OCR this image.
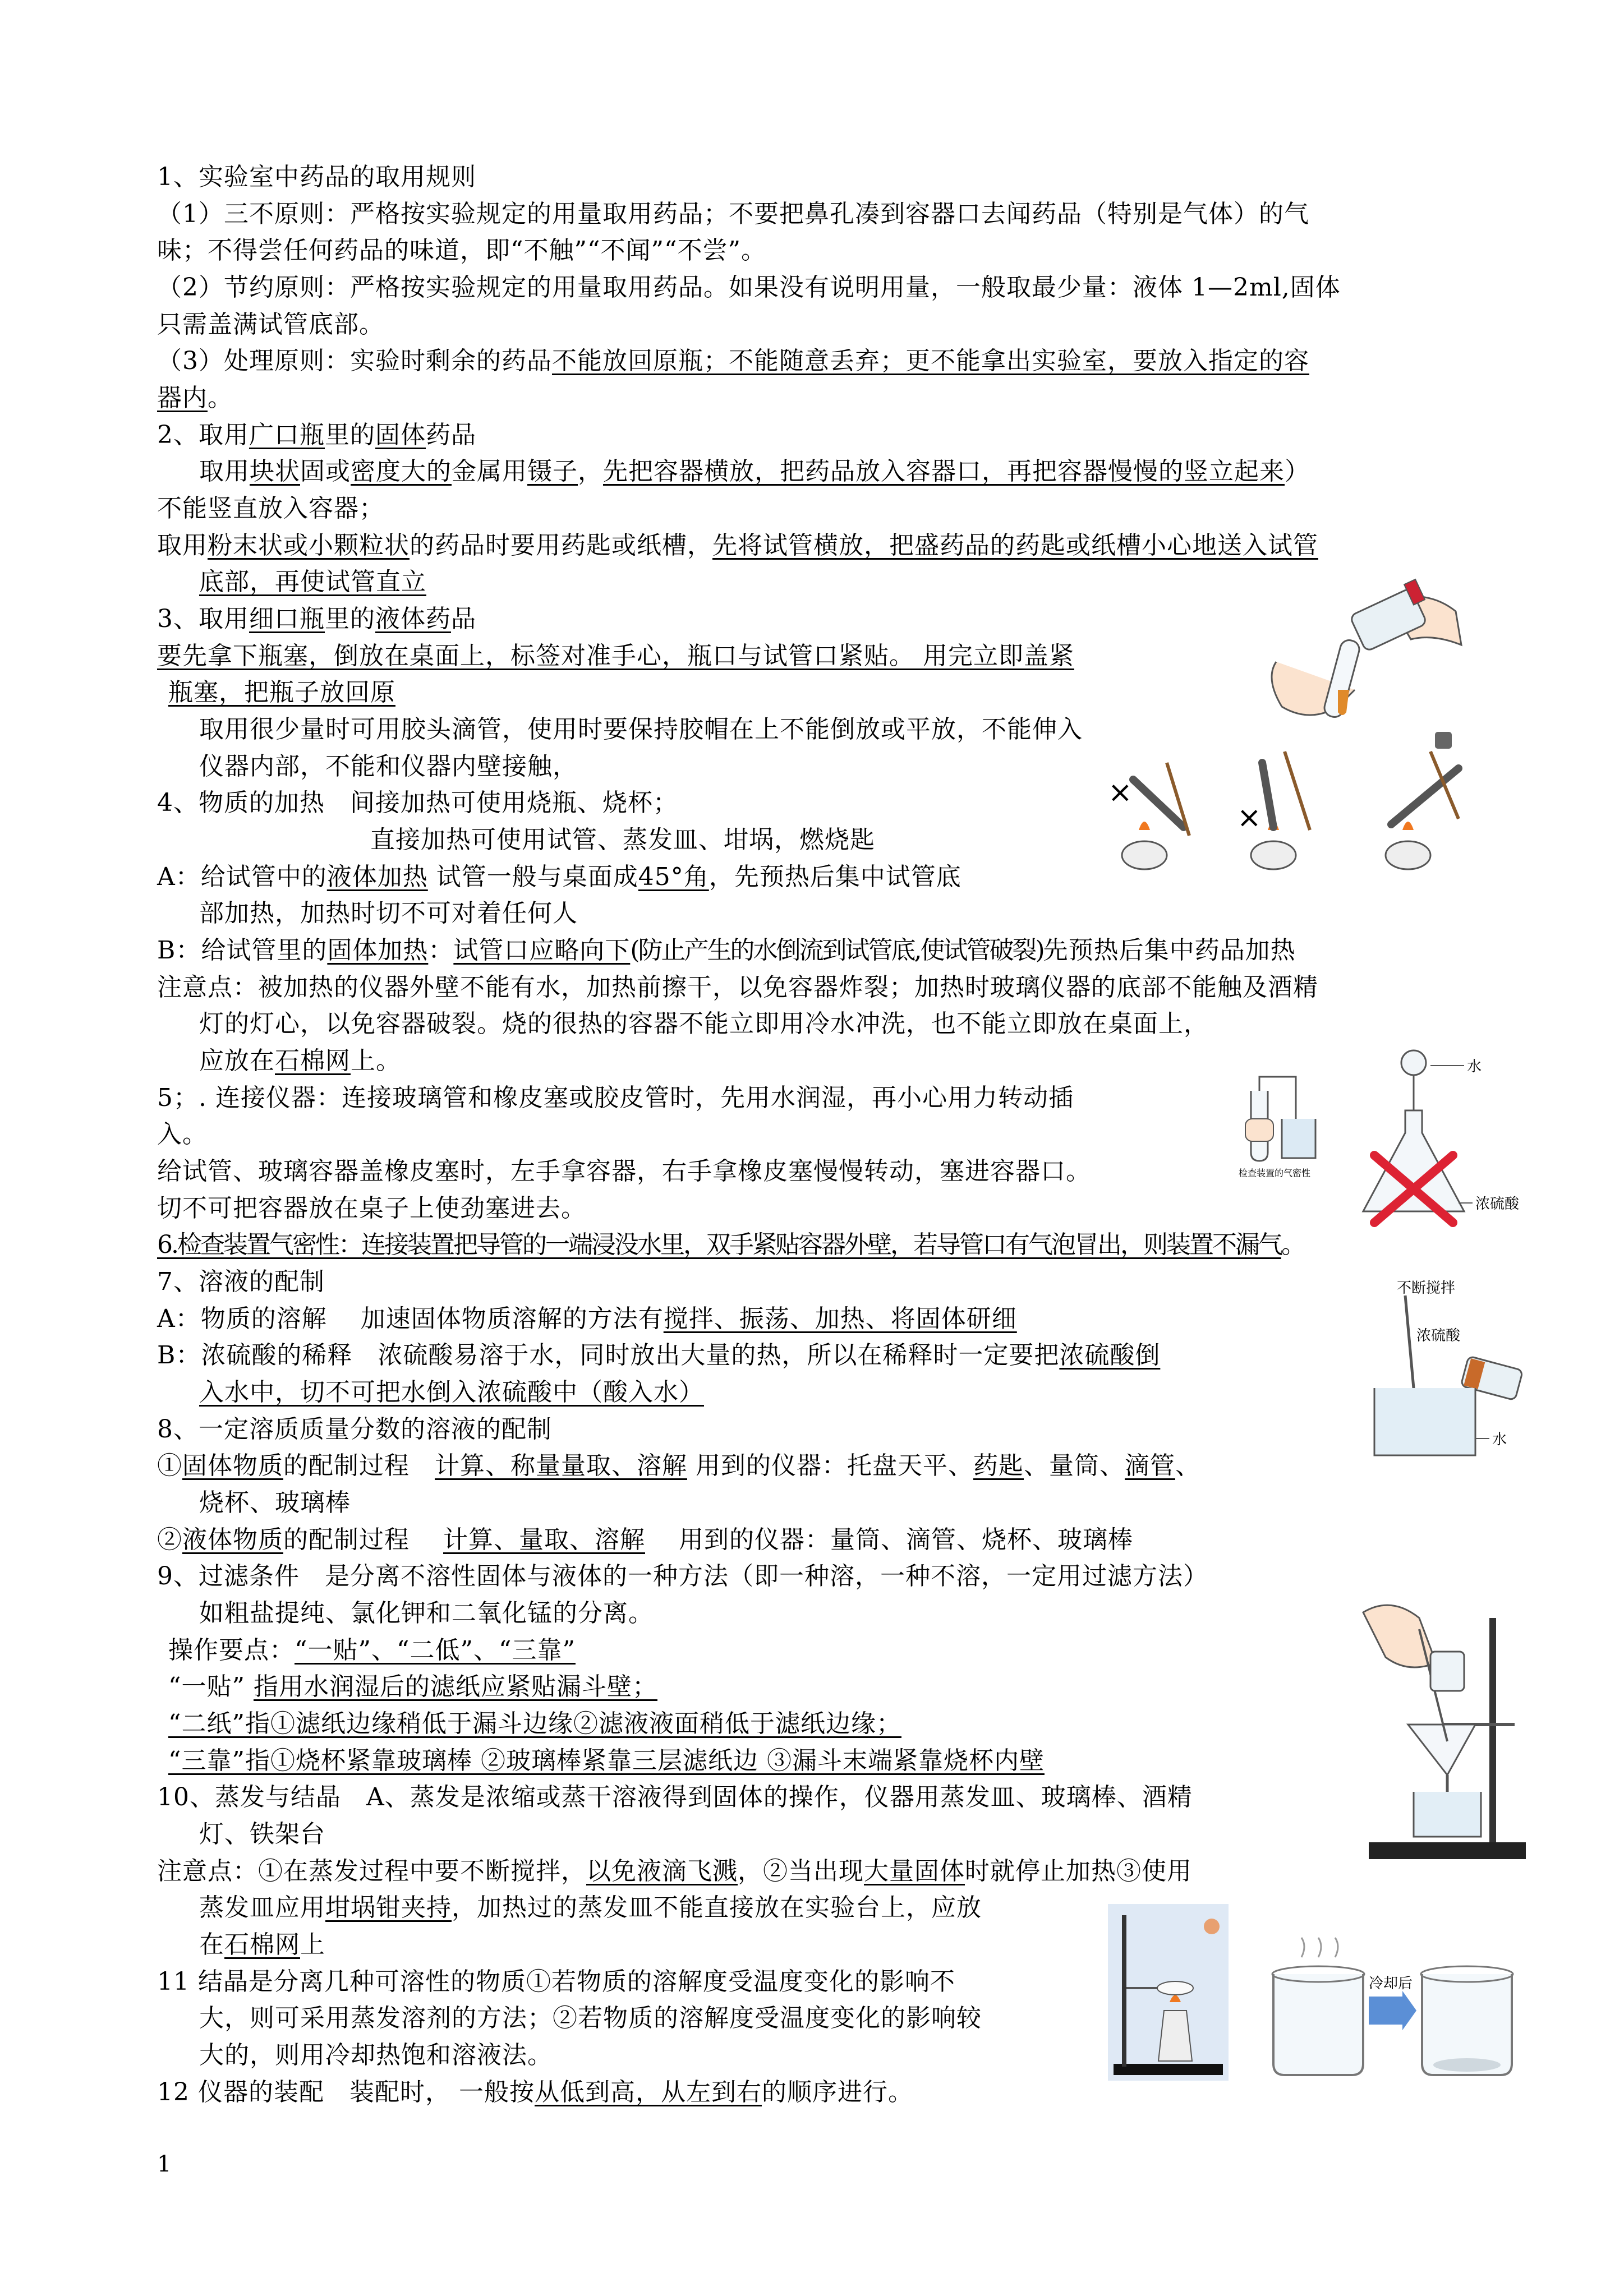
1、实验室中药品的取用规则
（1）三不原则：严格按实验规定的用量取用药品；不要把鼻孔凑到容器口去闻药品（特别是气体）的气
味；不得尝任何药品的味道，即“不触”“不闻”“不尝”。
（2）节约原则：严格按实验规定的用量取用药品。如果没有说明用量，一般取最少量：液体 1—2ml,固体
只需盖满试管底部。
（3）处理原则：实验时剩余的药品不能放回原瓶；不能随意丢弃；更不能拿出实验室，要放入指定的容
器内。
2、取用广口瓶里的固体药品
取用块状固或密度大的金属用镊子，先把容器横放，把药品放入容器口，再把容器慢慢的竖立起来）
不能竖直放入容器；
取用粉末状或小颗粒状的药品时要用药匙或纸槽，先将试管横放，把盛药品的药匙或纸槽小心地送入试管
底部，再使试管直立
3、取用细口瓶里的液体药品
要先拿下瓶塞，倒放在桌面上，标签对准手心，瓶口与试管口紧贴。 用完立即盖紧
瓶塞，把瓶子放回原
取用很少量时可用胶头滴管，使用时要保持胶帽在上不能倒放或平放，不能伸入
仪器内部，不能和仪器内壁接触，
4、物质的加热　间接加热可使用烧瓶、烧杯；
直接加热可使用试管、蒸发皿、坩埚，燃烧匙
A：给试管中的液体加热 试管一般与桌面成45°角，先预热后集中试管底
部加热，加热时切不可对着任何人
B：给试管里的固体加热：试管口应略向下(防止产生的水倒流到试管底,使试管破裂)先预热后集中药品加热
注意点：被加热的仪器外壁不能有水，加热前擦干，以免容器炸裂；加热时玻璃仪器的底部不能触及酒精
灯的灯心，以免容器破裂。烧的很热的容器不能立即用冷水冲洗，也不能立即放在桌面上，
应放在石棉网上。
5；. 连接仪器：连接玻璃管和橡皮塞或胶皮管时，先用水润湿，再小心用力转动插
入。
给试管、玻璃容器盖橡皮塞时，左手拿容器，右手拿橡皮塞慢慢转动，塞进容器口。
切不可把容器放在桌子上使劲塞进去。
6.检查装置气密性：连接装置把导管的一端浸没水里，双手紧贴容器外壁，若导管口有气泡冒出，则装置不漏气。
7、溶液的配制
A：物质的溶解　 加速固体物质溶解的方法有搅拌、振荡、加热、将固体研细
B：浓硫酸的稀释　浓硫酸易溶于水，同时放出大量的热，所以在稀释时一定要把浓硫酸倒
入水中，切不可把水倒入浓硫酸中（酸入水）
8、一定溶质质量分数的溶液的配制
①固体物质的配制过程　计算、称量量取、溶解 用到的仪器：托盘天平、药匙、量筒、滴管、
烧杯、玻璃棒
②液体物质的配制过程　 计算、量取、溶解　 用到的仪器：量筒、滴管、烧杯、玻璃棒
9、过滤条件　是分离不溶性固体与液体的一种方法（即一种溶，一种不溶，一定用过滤方法）
如粗盐提纯、氯化钾和二氧化锰的分离。
操作要点：“一贴”、“二低”、“三靠”
“一贴” 指用水润湿后的滤纸应紧贴漏斗壁；
“二纸”指①滤纸边缘稍低于漏斗边缘②滤液液面稍低于滤纸边缘；
“三靠”指①烧杯紧靠玻璃棒 ②玻璃棒紧靠三层滤纸边 ③漏斗末端紧靠烧杯内壁
10、蒸发与结晶　A、蒸发是浓缩或蒸干溶液得到固体的操作，仪器用蒸发皿、玻璃棒、酒精
灯、铁架台
注意点：①在蒸发过程中要不断搅拌，以免液滴飞溅，②当出现大量固体时就停止加热③使用
蒸发皿应用坩埚钳夹持，加热过的蒸发皿不能直接放在实验台上，应放
在石棉网上
11 结晶是分离几种可溶性的物质①若物质的溶解度受温度变化的影响不
大，则可采用蒸发溶剂的方法；②若物质的溶解度受温度变化的影响较
大的，则用冷却热饱和溶液法。
12 仪器的装配　装配时， 一般按从低到高，从左到右的顺序进行。
×
×
检查装置的气密性
水
浓硫酸
不断搅拌
浓硫酸
水
冷却后
1
